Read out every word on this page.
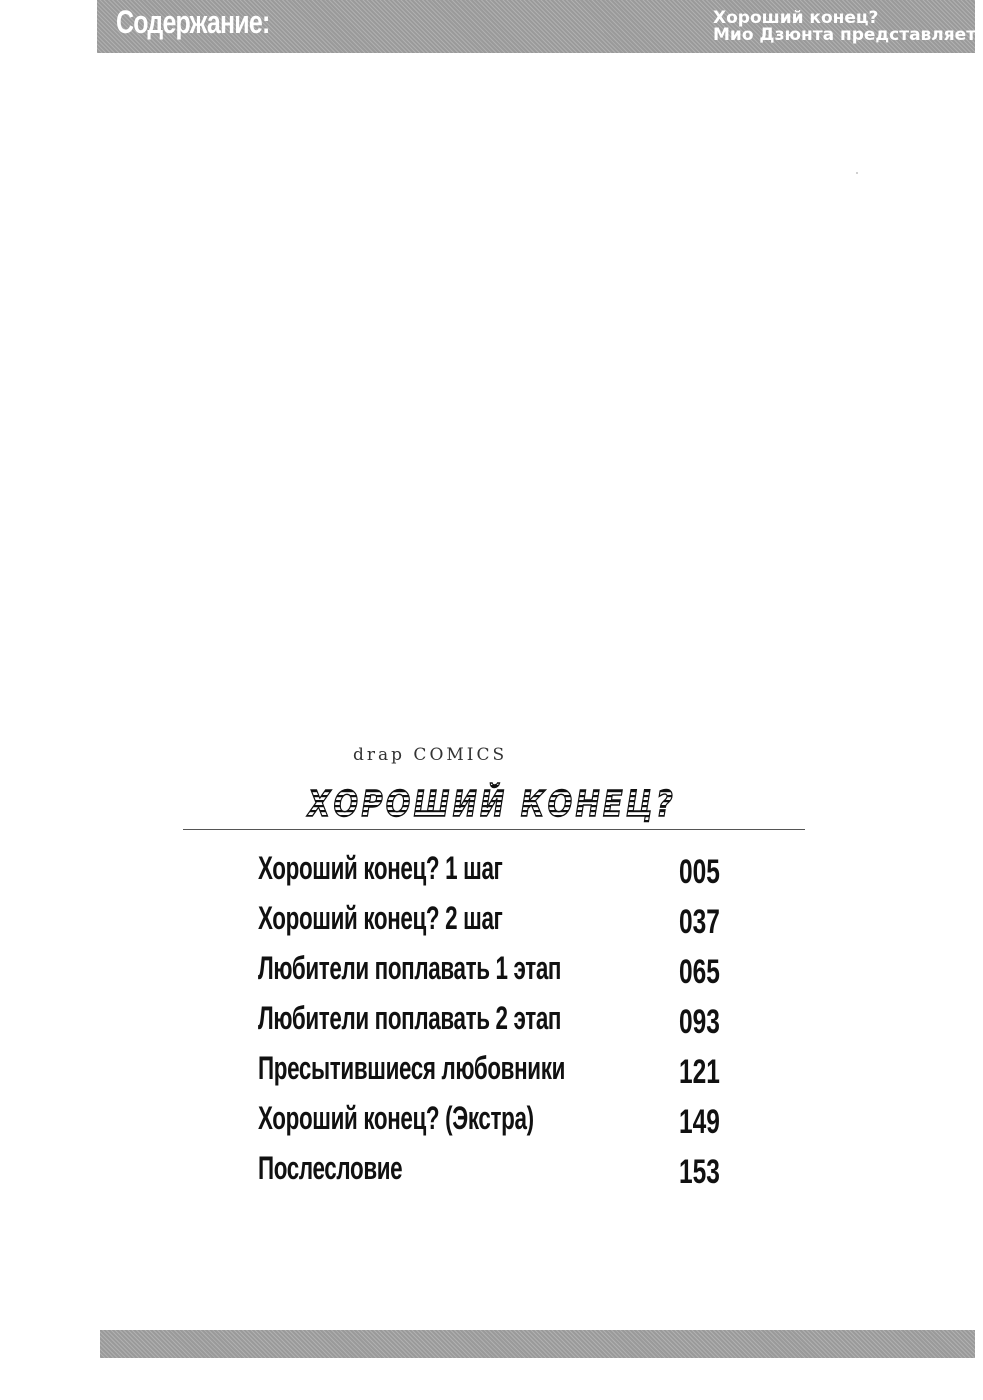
Содержание:	Хороший конец?
Мио Дзюнта представляет.
drap COMICS
ХОРОШИЙ КОНЕЦ?
Хороший конец? 1 шаг	005
Хороший конец? 2 шаг	037
Любители поплавать 1 этап	065
Любители поплавать 2 этап	093
Пресытившиеся любовники	121
Хороший конец? (Экстра)	149
Послесловие	153
